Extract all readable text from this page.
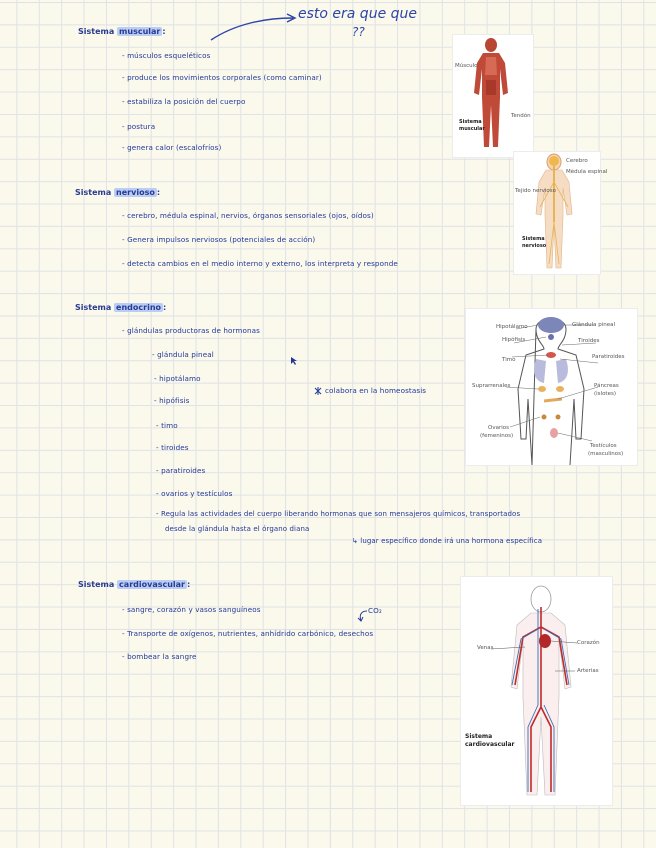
esto era que que
??
Sistema muscular :
- músculos esqueléticos
- produce los movimientos corporales (como caminar)
- estabiliza la posición del cuerpo
- postura
- genera calor (escalofríos)
Músculo
Tendón
Sistema muscular
Sistema nervioso :
- cerebro, médula espinal, nervios, órganos sensoriales (ojos, oídos)
- Genera impulsos nerviosos (potenciales de acción)
- detecta cambios en el medio interno y externo, los interpreta y responde
Cerebro
Médula espinal
Tejido nervioso
Sistema nervioso
Sistema endocrino :
- glándulas productoras de hormonas
- glándula pineal
- hipotálamo
- hipófisis
- timo
- tiroides
- paratiroides
- ovarios y testículos
colabora en la homeostasis
- Regula las actividades del cuerpo liberando hormonas que son mensajeros químicos, transportados
desde la glándula hasta el órgano diana
↳ lugar específico donde irá una hormona específica
Hipotálamo
Hipófisis
Timo
Suprarrenales
Ovarios
(femeninos)
Glándula pineal
Tiroides
Paratiroides
Páncreas
(islotes)
Testículos
(masculinos)
Sistema cardiovascular :
- sangre, corazón y vasos sanguíneos
- Transporte de oxígenos, nutrientes, anhídrido carbónico, desechos
- bombear la sangre
CO₂
Venas
Corazón
Arterias
Sistema
cardiovascular
